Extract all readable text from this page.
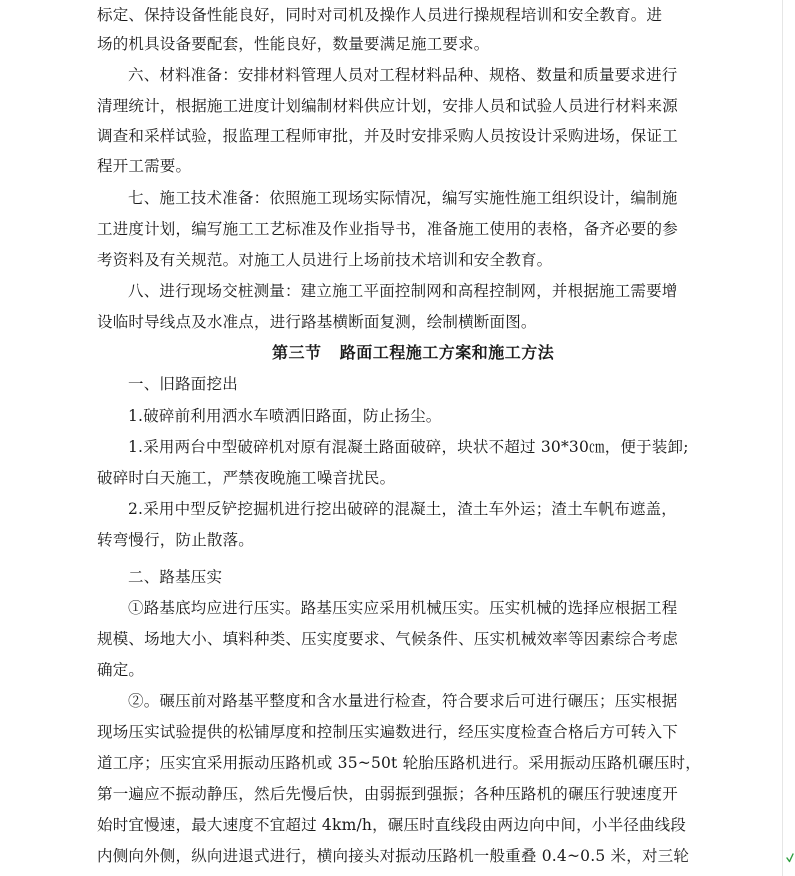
标定、保持设备性能良好，同时对司机及操作人员进行操规程培训和安全教育。进
场的机具设备要配套，性能良好，数量要满足施工要求。
六、材料准备：安排材料管理人员对工程材料品种、规格、数量和质量要求进行
清理统计，根据施工进度计划编制材料供应计划，安排人员和试验人员进行材料来源
调查和采样试验，报监理工程师审批，并及时安排采购人员按设计采购进场，保证工
程开工需要。
七、施工技术准备：依照施工现场实际情况，编写实施性施工组织设计，编制施
工进度计划，编写施工工艺标准及作业指导书，准备施工使用的表格，备齐必要的参
考资料及有关规范。对施工人员进行上场前技术培训和安全教育。
八、进行现场交桩测量：建立施工平面控制网和高程控制网，并根据施工需要增
设临时导线点及水准点，进行路基横断面复测，绘制横断面图。
第三节   路面工程施工方案和施工方法
一、旧路面挖出
1.破碎前利用洒水车喷洒旧路面，防止扬尘。
1.采用两台中型破碎机对原有混凝土路面破碎，块状不超过 30*30㎝，便于装卸;
破碎时白天施工，严禁夜晚施工噪音扰民。
2.采用中型反铲挖掘机进行挖出破碎的混凝土，渣土车外运；渣土车帆布遮盖，
转弯慢行，防止散落。
二、路基压实
①路基底均应进行压实。路基压实应采用机械压实。压实机械的选择应根据工程
规模、场地大小、填料种类、压实度要求、气候条件、压实机械效率等因素综合考虑
确定。
②。碾压前对路基平整度和含水量进行检查，符合要求后可进行碾压；压实根据
现场压实试验提供的松铺厚度和控制压实遍数进行，经压实度检查合格后方可转入下
道工序；压实宜采用振动压路机或 35~50t 轮胎压路机进行。采用振动压路机碾压时，
第一遍应不振动静压，然后先慢后快，由弱振到强振；各种压路机的碾压行驶速度开
始时宜慢速，最大速度不宜超过 4km/h，碾压时直线段由两边向中间，小半径曲线段
内侧向外侧，纵向进退式进行，横向接头对振动压路机一般重叠 0.4~0.5 米，对三轮
